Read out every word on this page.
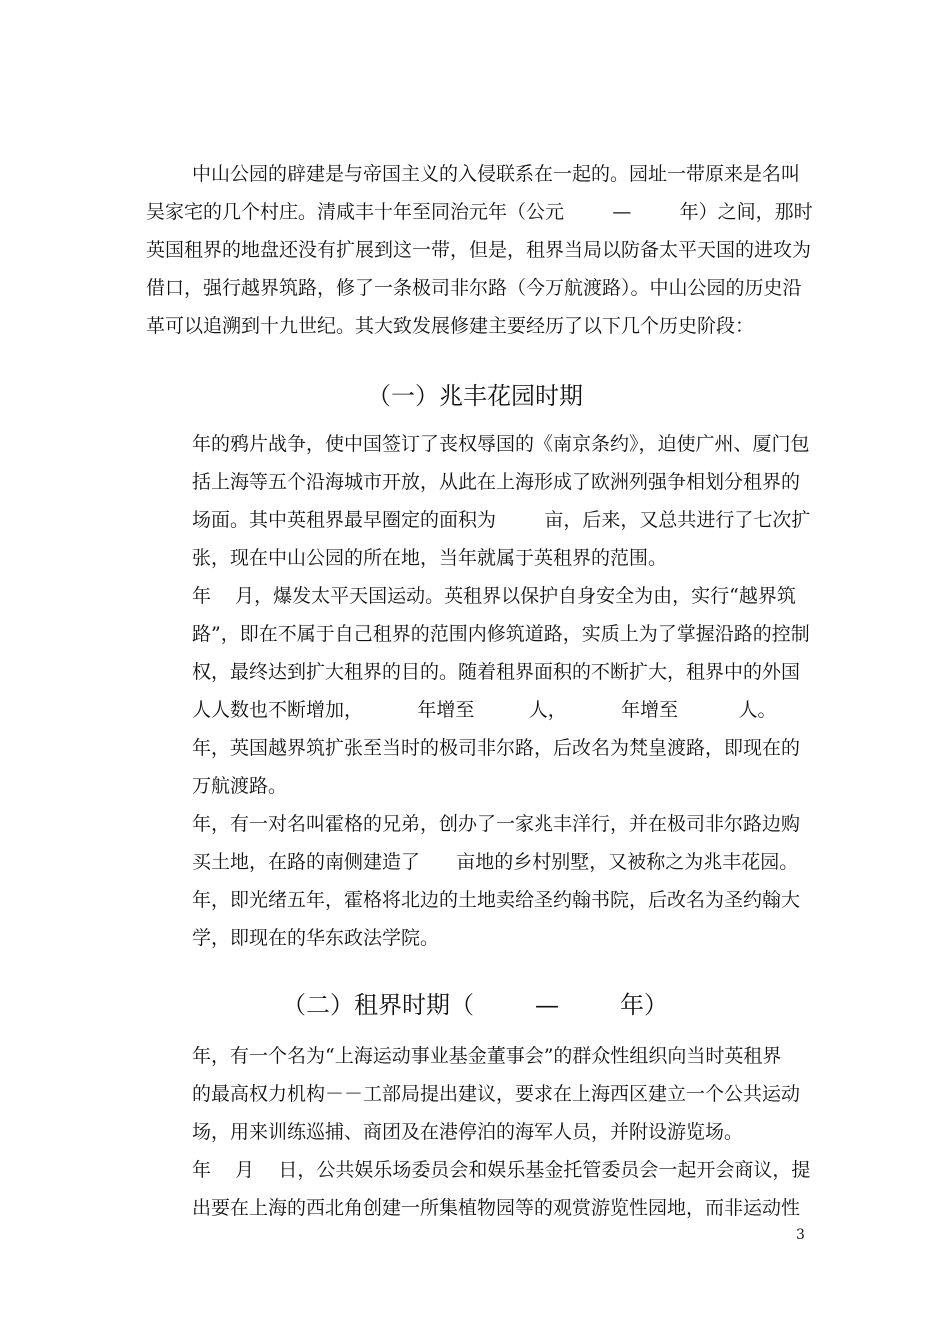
中山公园的辟建是与帝国主义的入侵联系在一起的。园址一带原来是名叫
吴家宅的几个村庄。清咸丰十年至同治元年（公元        —        年）之间，那时
英国租界的地盘还没有扩展到这一带，但是，租界当局以防备太平天国的进攻为
借口，强行越界筑路，修了一条极司非尔路（今万航渡路）。中山公园的历史沿
革可以追溯到十九世纪。其大致发展修建主要经历了以下几个历史阶段：
（一）兆丰花园时期
年的鸦片战争，使中国签订了丧权辱国的《南京条约》，迫使广州、厦门包
括上海等五个沿海城市开放，从此在上海形成了欧洲列强争相划分租界的
场面。其中英租界最早圈定的面积为        亩，后来，又总共进行了七次扩
张，现在中山公园的所在地，当年就属于英租界的范围。
年    月，爆发太平天国运动。英租界以保护自身安全为由，实行“越界筑
路”，即在不属于自己租界的范围内修筑道路，实质上为了掌握沿路的控制
权，最终达到扩大租界的目的。随着租界面积的不断扩大，租界中的外国
人人数也不断增加，         年增至         人，         年增至          人。
年，英国越界筑扩张至当时的极司非尔路，后改名为梵皇渡路，即现在的
万航渡路。
年，有一对名叫霍格的兄弟，创办了一家兆丰洋行，并在极司非尔路边购
买土地，在路的南侧建造了      亩地的乡村别墅，又被称之为兆丰花园。
年，即光绪五年，霍格将北边的土地卖给圣约翰书院，后改名为圣约翰大
学，即现在的华东政法学院。
（二）租界时期（        —        年）
年，有一个名为“上海运动事业基金董事会”的群众性组织向当时英租界
的最高权力机构－－工部局提出建议，要求在上海西区建立一个公共运动
场，用来训练巡捕、商团及在港停泊的海军人员，并附设游览场。
年    月    日，公共娱乐场委员会和娱乐基金托管委员会一起开会商议，提
出要在上海的西北角创建一所集植物园等的观赏游览性园地，而非运动性
3
